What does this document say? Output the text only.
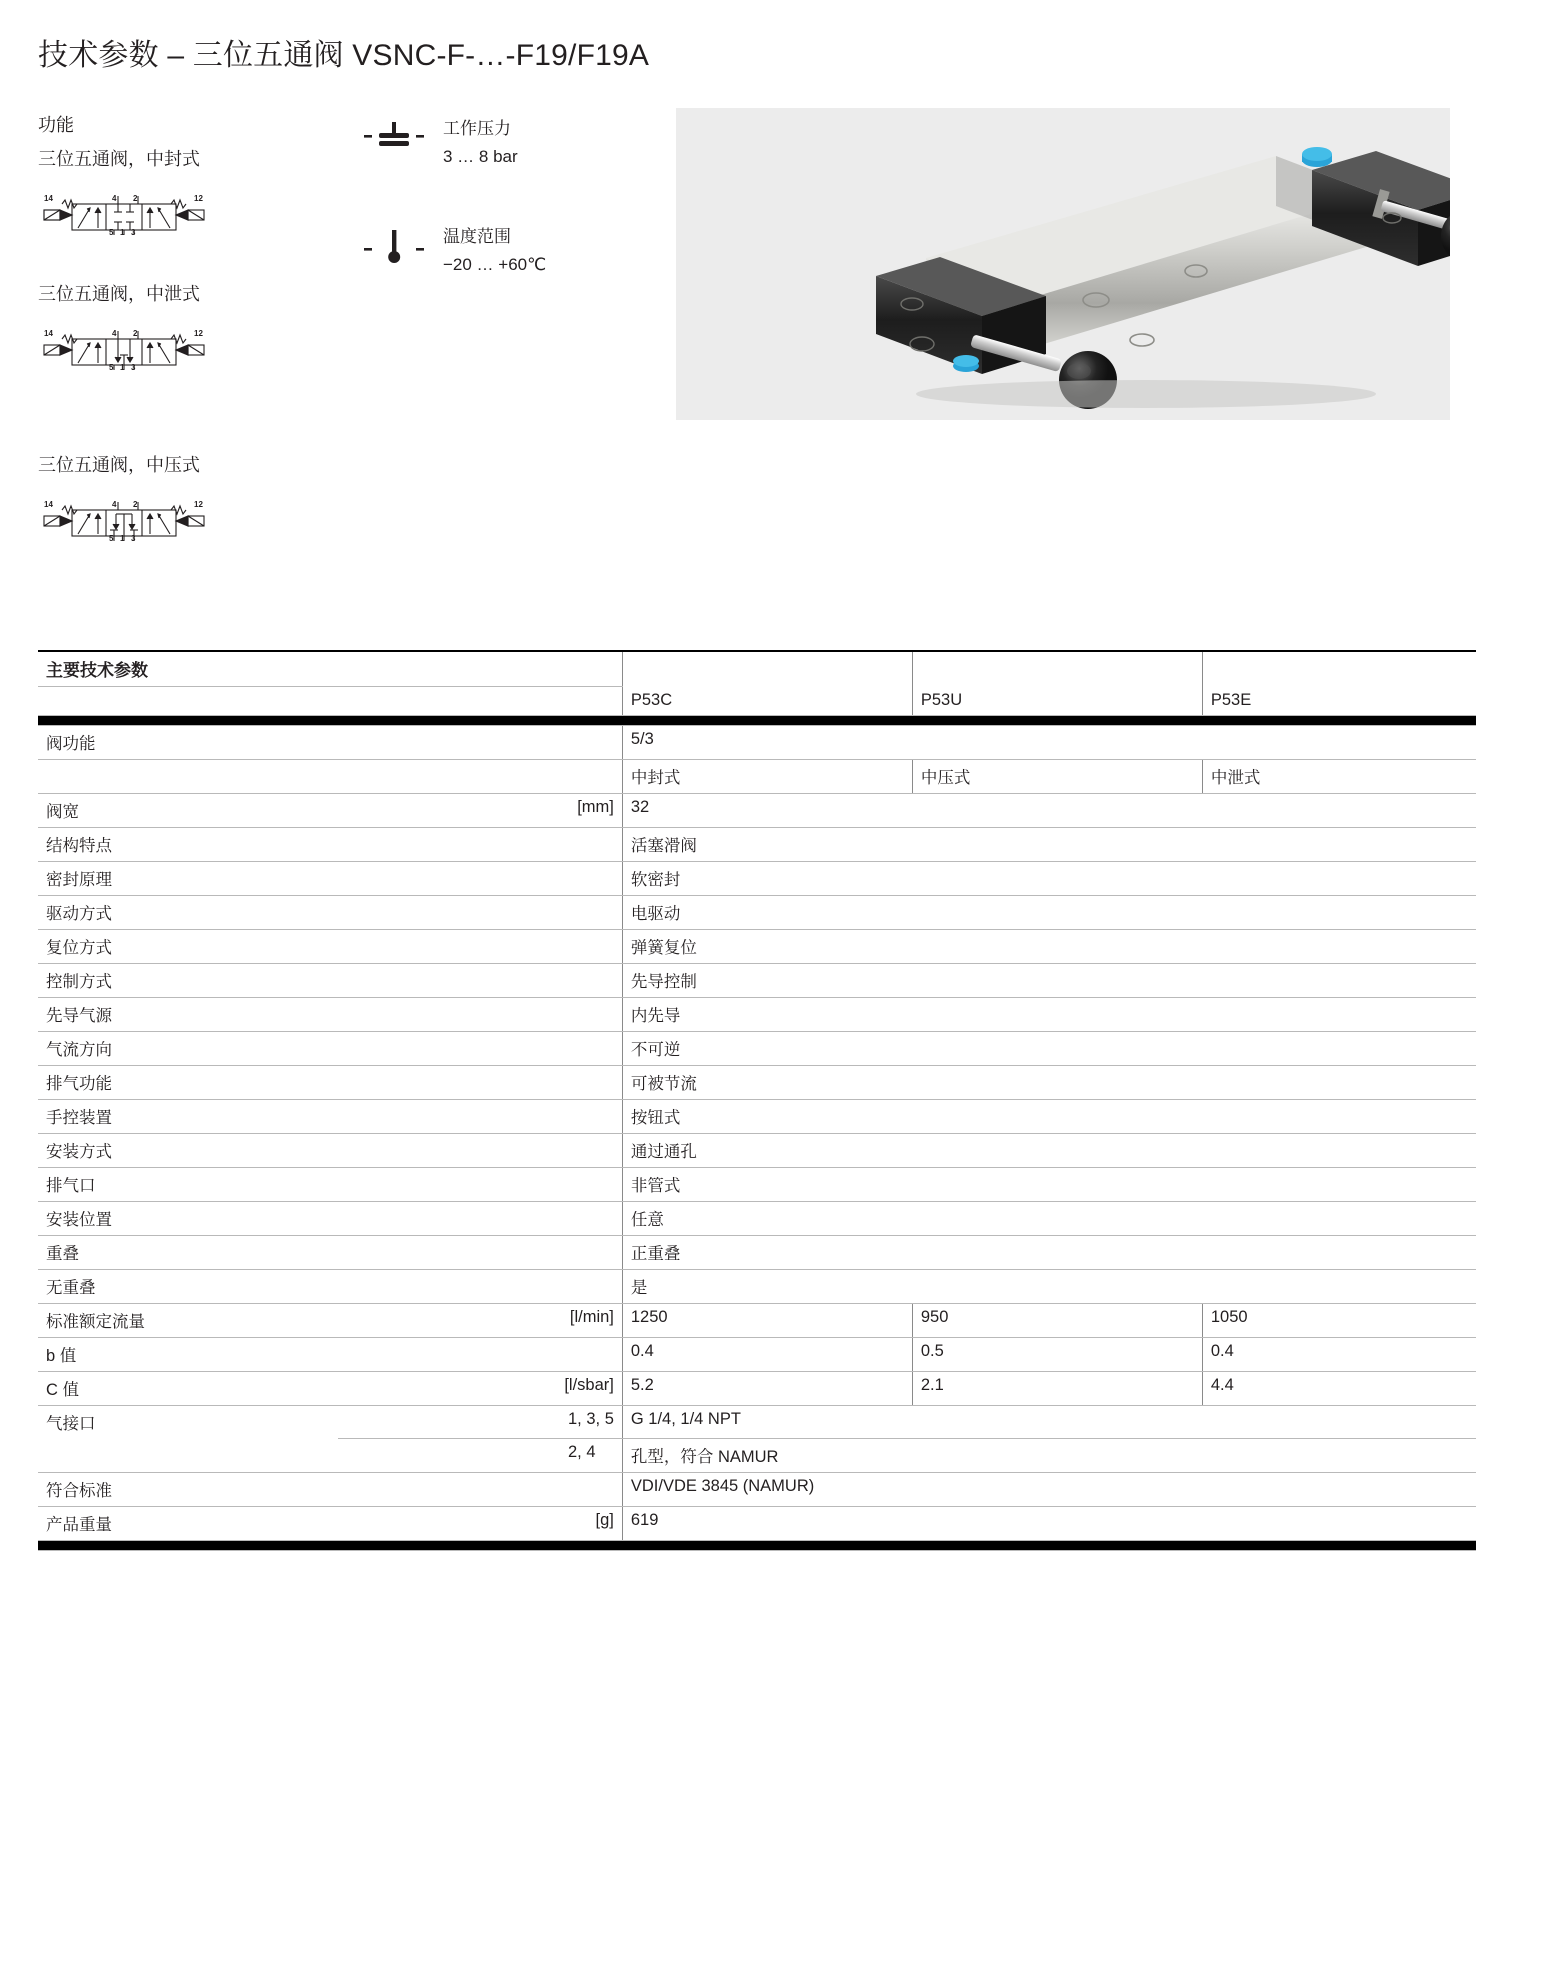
技术参数 – 三位五通阀 VSNC-F-…-F19/F19A
功能
三位五通阀，中封式
14	4 2	12
5 1 3
三位五通阀，中泄式
14	4 2	12
5 1 3
三位五通阀，中压式
14	4 2	12
5 1 3
工作压力
3 … 8 bar
温度范围
−20 … +60℃
主要技术参数				
		P53C	P53U	P53E

阀功能		5/3		
		中封式	中压式	中泄式
阀宽	[mm]	32		
结构特点		活塞滑阀		
密封原理		软密封		
驱动方式		电驱动		
复位方式		弹簧复位		
控制方式		先导控制		
先导气源		内先导		
气流方向		不可逆		
排气功能		可被节流		
手控装置		按钮式		
安装方式		通过通孔		
排气口		非管式		
安装位置		任意		
重叠		正重叠		
无重叠		是		
标准额定流量	[l/min]	1250	950	1050
b 值		0.4	0.5	0.4
C 值	[l/sbar]	5.2	2.1	4.4
气接口	1, 3, 5	G 1/4, 1/4 NPT		
	2, 4	孔型，符合 NAMUR		
符合标准		VDI/VDE 3845 (NAMUR)		
产品重量	[g]	619		
